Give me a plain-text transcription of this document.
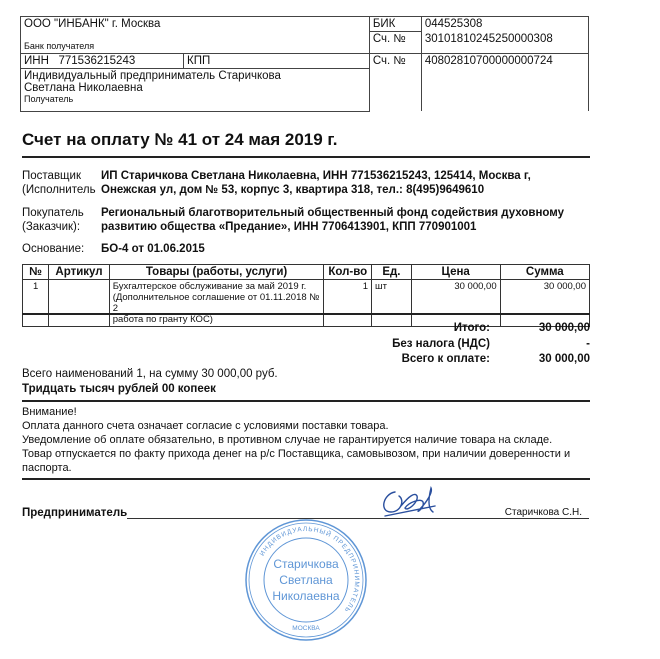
ООО "ИНБАНК" г. Москва		БИК	044525308
Банк получателя		Сч. №	30101810245250000308
ИНН 771536215243	КПП	Сч. №	40802810700000000724

Индивидуальный предприниматель Старичкова
Светлана Николаевна
Получатель			
Счет на оплату № 41 от 24 мая 2019 г.
Поставщик
(Исполнитель
ИП Старичкова Светлана Николаевна, ИНН 771536215243, 125414, Москва г,
Онежская ул, дом № 53, корпус 3, квартира 318, тел.: 8(495)9649610
Покупатель
(Заказчик):
Региональный благотворительный общественный фонд содействия духовному
развитию общества «Предание», ИНН 7706413901, КПП 770901001
Основание:	БО-4 от 01.06.2015
№	Артикул	Товары (работы, услуги)	Кол-во	Ед.	Цена	Сумма
1		Бухгалтерское обслуживание за май 2019 г.
(Дополнительное соглашение от 01.11.2018 № 2
работа по гранту КОС)	1	шт	30 000,00	30 000,00
Итого:	30 000,00
Без налога (НДС)	-
Всего к оплате:	30 000,00
Всего наименований 1, на сумму 30 000,00 руб.
Тридцать тысяч рублей 00 копеек
Внимание!
Оплата данного счета означает согласие с условиями поставки товара.
Уведомление об оплате обязательно, в противном случае не гарантируется наличие товара на складе.
Товар отпускается по факту прихода денег на р/с Поставщика, самовывозом, при наличии доверенности и
паспорта.
Предприниматель	Старичкова С.Н.
ИНДИВИДУАЛЬНЫЙ ПРЕДПРИНИМАТЕЛЬ
МОСКВА
Старичкова
Светлана
Николаевна
